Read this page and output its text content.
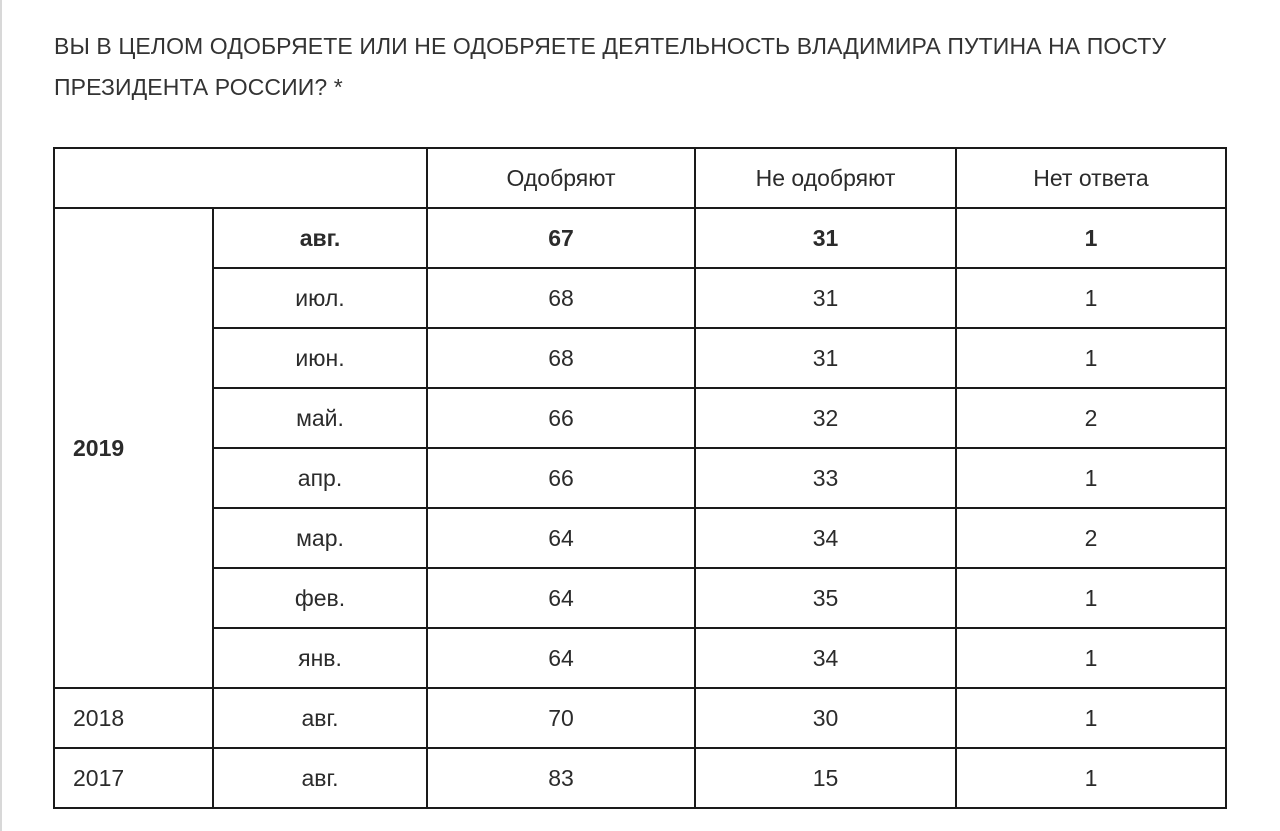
ВЫ В ЦЕЛОМ ОДОБРЯЕТЕ ИЛИ НЕ ОДОБРЯЕТЕ ДЕЯТЕЛЬНОСТЬ ВЛАДИМИРА ПУТИНА НА ПОСТУ ПРЕЗИДЕНТА РОССИИ? *
		Одобряют	Не одобряют	Нет ответа
2019	авг.	67	31	1
	июл.	68	31	1
	июн.	68	31	1
	май.	66	32	2
	апр.	66	33	1
	мар.	64	34	2
	фев.	64	35	1
	янв.	64	34	1
2018	авг.	70	30	1
2017	авг.	83	15	1
